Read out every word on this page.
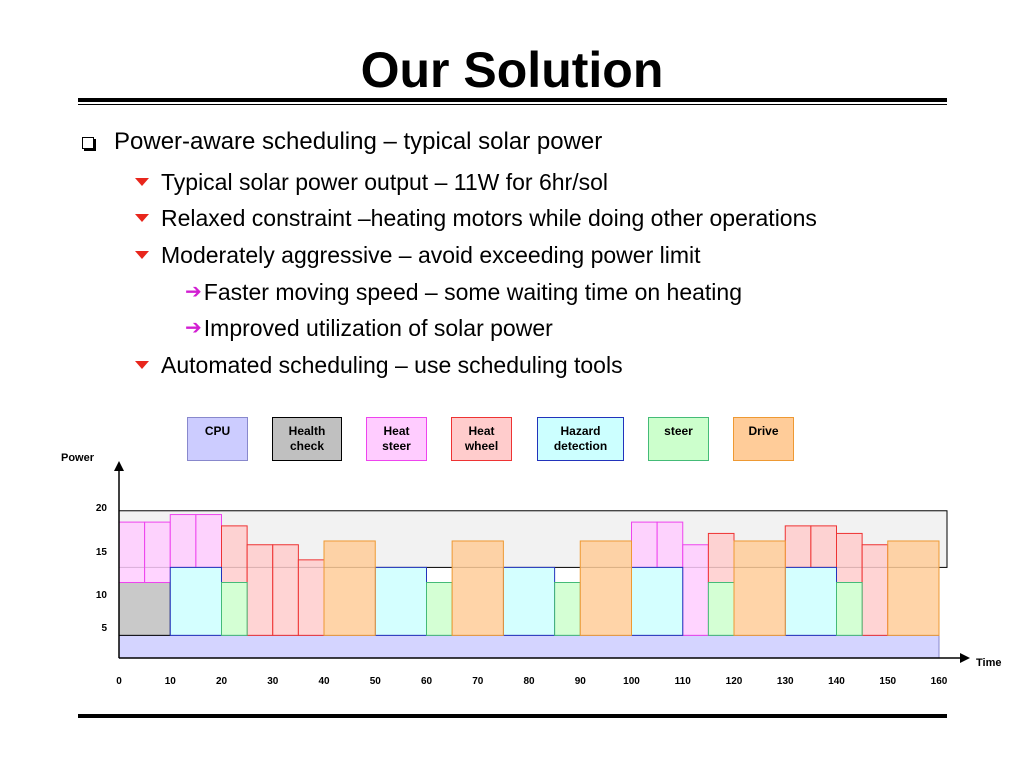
Our Solution
Power-aware scheduling – typical solar power
Typical solar power output – 11W for 6hr/sol
Relaxed constraint –heating motors while doing other operations
Moderately aggressive – avoid exceeding power limit
➔ Faster moving speed – some waiting time on heating
➔ Improved utilization of solar power
Automated scheduling – use scheduling tools
CPU	Health
check
Heat
steer
Heat
wheel
Hazard
detection
steer	Drive
0	10	20	30	40	50	60	70	80	90	100	110	120	130	140	150	160
5
10
15
20
Time
Power
